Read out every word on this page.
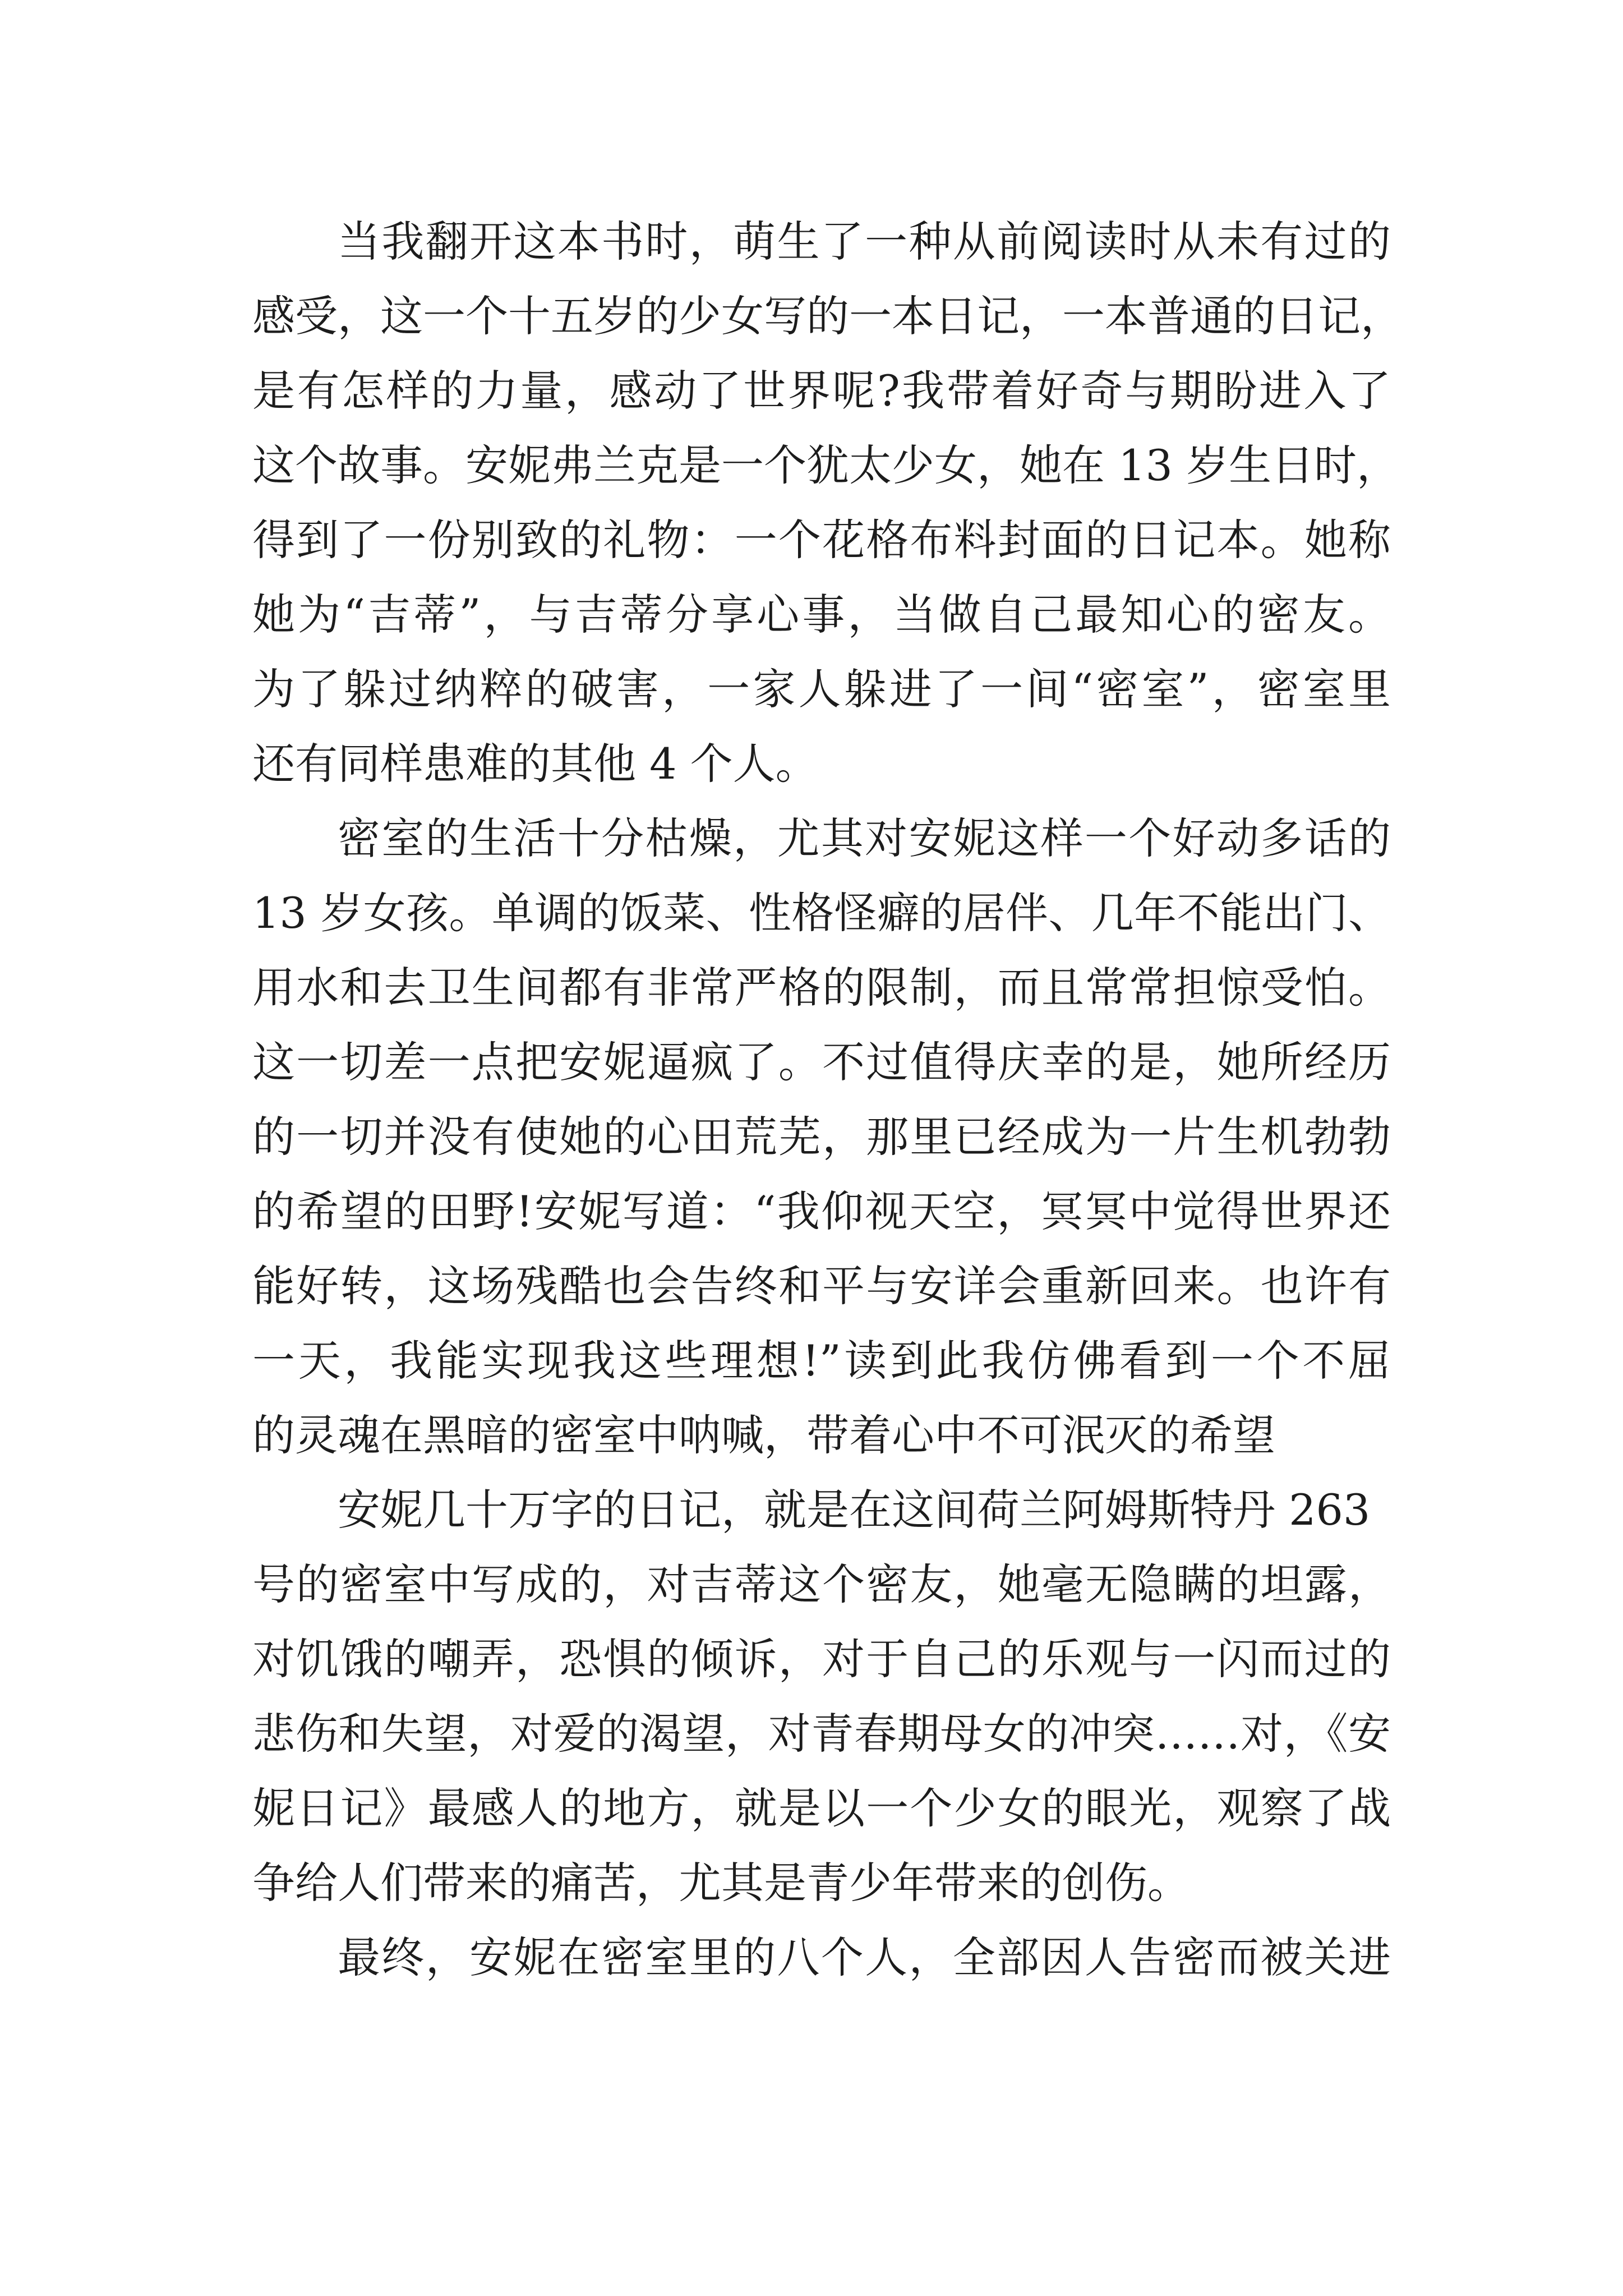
当我翻开这本书时，萌生了一种从前阅读时从未有过的
感受，这一个十五岁的少女写的一本日记，一本普通的日记，
是有怎样的力量，感动了世界呢?我带着好奇与期盼进入了
这个故事。安妮弗兰克是一个犹太少女，她在 13 岁生日时，
得到了一份别致的礼物：一个花格布料封面的日记本。她称
她为“吉蒂”，与吉蒂分享心事，当做自己最知心的密友。
为了躲过纳粹的破害，一家人躲进了一间“密室”，密室里
还有同样患难的其他 4 个人。
密室的生活十分枯燥，尤其对安妮这样一个好动多话的
13 岁女孩。单调的饭菜、性格怪癖的居伴、几年不能出门、
用水和去卫生间都有非常严格的限制，而且常常担惊受怕。
这一切差一点把安妮逼疯了。不过值得庆幸的是，她所经历
的一切并没有使她的心田荒芜，那里已经成为一片生机勃勃
的希望的田野!安妮写道：“我仰视天空，冥冥中觉得世界还
能好转，这场残酷也会告终和平与安详会重新回来。也许有
一天，我能实现我这些理想!”读到此我仿佛看到一个不屈
的灵魂在黑暗的密室中呐喊，带着心中不可泯灭的希望
安妮几十万字的日记，就是在这间荷兰阿姆斯特丹 263
号的密室中写成的，对吉蒂这个密友，她毫无隐瞒的坦露，
对饥饿的嘲弄，恐惧的倾诉，对于自己的乐观与一闪而过的
悲伤和失望，对爱的渴望，对青春期母女的冲突……对，《安
妮日记》最感人的地方，就是以一个少女的眼光，观察了战
争给人们带来的痛苦，尤其是青少年带来的创伤。
最终，安妮在密室里的八个人，全部因人告密而被关进
